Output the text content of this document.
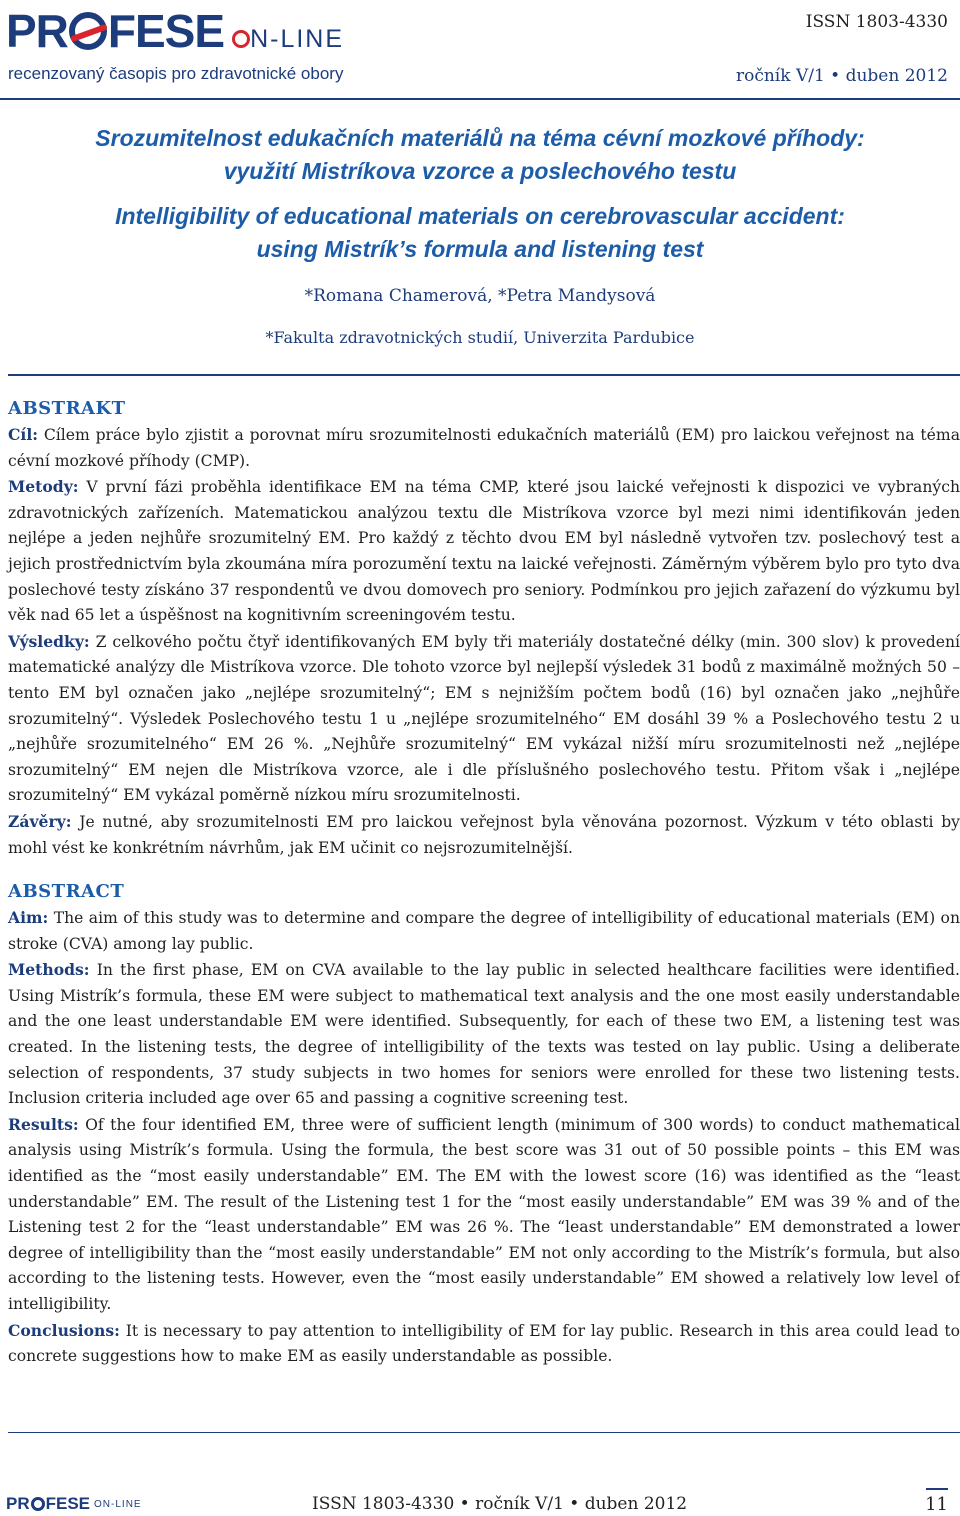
PR FESE	N-LINE
recenzovaný časopis pro zdravotnické obory
ISSN 1803-4330
ročník V/1 • duben 2012
Srozumitelnost edukačních materiálů na téma cévní mozkové příhody:
využití Mistríkova vzorce a poslechového testu
Intelligibility of educational materials on cerebrovascular accident:
using Mistrík’s formula and listening test
*Romana Chamerová, *Petra Mandysová
*Fakulta zdravotnických studií, Univerzita Pardubice
ABSTRAKT

Cíl: Cílem práce bylo zjistit a porovnat míru srozumitelnosti edukačních materiálů (EM) pro laickou veřejnost na téma cévní mozkové příhody (CMP).

Metody: V první fázi proběhla identifikace EM na téma CMP, které jsou laické veřejnosti k dispozici ve vybraných zdravotnických zařízeních. Matematickou analýzou textu dle Mistríkova vzorce byl mezi nimi identifikován jeden nejlépe a jeden nejhůře srozumitelný EM. Pro každý z těchto dvou EM byl následně vytvořen tzv. poslechový test a jejich prostřednictvím byla zkoumána míra porozumění textu na laické veřejnosti. Záměrným výběrem bylo pro tyto dva poslechové testy získáno 37 respondentů ve dvou domovech pro seniory. Podmínkou pro jejich zařazení do výzkumu byl věk nad 65 let a úspěšnost na kognitivním screeningovém testu.

Výsledky: Z celkového počtu čtyř identifikovaných EM byly tři materiály dostatečné délky (min. 300 slov) k provedení matematické analýzy dle Mistríkova vzorce. Dle tohoto vzorce byl nejlepší výsledek 31 bodů z maximálně možných 50 – tento EM byl označen jako „nejlépe srozumitelný“; EM s nejnižším počtem bodů (16) byl označen jako „nejhůře srozumitelný“. Výsledek Poslechového testu 1 u „nejlépe srozumitelného“ EM dosáhl 39 % a Poslechového testu 2 u „nejhůře srozumitelného“ EM 26 %. „Nejhůře srozumitelný“ EM vykázal nižší míru srozumitelnosti než „nejlépe srozumitelný“ EM nejen dle Mistríkova vzorce, ale i dle příslušného poslechového testu. Přitom však i „nejlépe srozumitelný“ EM vykázal poměrně nízkou míru srozumitelnosti.

Závěry: Je nutné, aby srozumitelnosti EM pro laickou veřejnost byla věnována pozornost. Výzkum v této oblasti by mohl vést ke konkrétním návrhům, jak EM učinit co nejsrozumitelnější.

ABSTRACT

Aim: The aim of this study was to determine and compare the degree of intelligibility of educational materials (EM) on stroke (CVA) among lay public.

Methods: In the first phase, EM on CVA available to the lay public in selected healthcare facilities were identified. Using Mistrík’s formula, these EM were subject to mathematical text analysis and the one most easily understandable and the one least understandable EM were identified. Subsequently, for each of these two EM, a listening test was created. In the listening tests, the degree of intelligibility of the texts was tested on lay public. Using a deliberate selection of respondents, 37 study subjects in two homes for seniors were enrolled for these two listening tests. Inclusion criteria included age over 65 and passing a cognitive screening test.

Results: Of the four identified EM, three were of sufficient length (minimum of 300 words) to conduct mathematical analysis using Mistrík’s formula. Using the formula, the best score was 31 out of 50 possible points – this EM was identified as the “most easily understandable” EM. The EM with the lowest score (16) was identified as the “least understandable” EM. The result of the Listening test 1 for the “most easily understandable” EM was 39 % and of the Listening test 2 for the “least understandable” EM was 26 %. The “least understandable” EM demonstrated a lower degree of intelligibility than the “most easily understandable” EM not only according to the Mistrík’s formula, but also according to the listening tests. However, even the “most easily understandable” EM showed a relatively low level of intelligibility.

Conclusions: It is necessary to pay attention to intelligibility of EM for lay public. Research in this area could lead to concrete suggestions how to make EM as easily understandable as possible.

PR FESE ON-LINE	ISSN 1803-4330 • ročník V/1 • duben 2012	11
